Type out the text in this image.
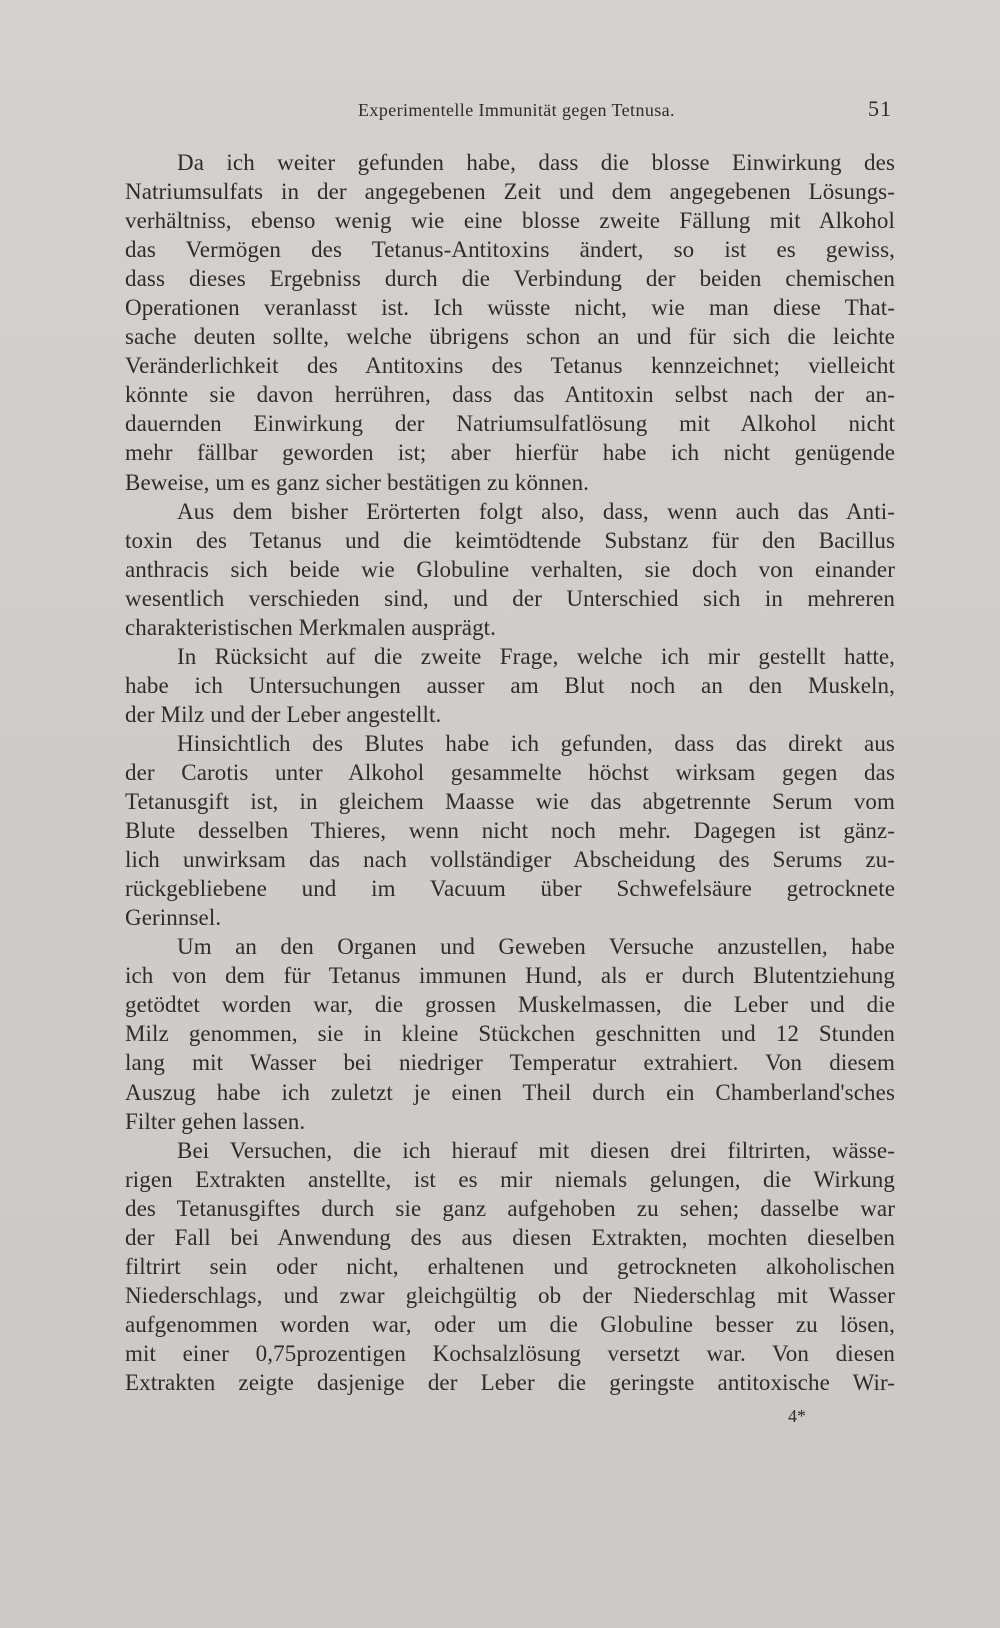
Experimentelle Immunität gegen Tetnusa.	51
Da ich weiter gefunden habe, dass die blosse Einwirkung des
Natriumsulfats in der angegebenen Zeit und dem angegebenen Lösungs-
verhältniss, ebenso wenig wie eine blosse zweite Fällung mit Alkohol
das Vermögen des Tetanus-Antitoxins ändert, so ist es gewiss,
dass dieses Ergebniss durch die Verbindung der beiden chemischen
Operationen veranlasst ist. Ich wüsste nicht, wie man diese That-
sache deuten sollte, welche übrigens schon an und für sich die leichte
Veränderlichkeit des Antitoxins des Tetanus kennzeichnet; vielleicht
könnte sie davon herrühren, dass das Antitoxin selbst nach der an-
dauernden Einwirkung der Natriumsulfatlösung mit Alkohol nicht
mehr fällbar geworden ist; aber hierfür habe ich nicht genügende
Beweise, um es ganz sicher bestätigen zu können.
Aus dem bisher Erörterten folgt also, dass, wenn auch das Anti-
toxin des Tetanus und die keimtödtende Substanz für den Bacillus
anthracis sich beide wie Globuline verhalten, sie doch von einander
wesentlich verschieden sind, und der Unterschied sich in mehreren
charakteristischen Merkmalen ausprägt.
In Rücksicht auf die zweite Frage, welche ich mir gestellt hatte,
habe ich Untersuchungen ausser am Blut noch an den Muskeln,
der Milz und der Leber angestellt.
Hinsichtlich des Blutes habe ich gefunden, dass das direkt aus
der Carotis unter Alkohol gesammelte höchst wirksam gegen das
Tetanusgift ist, in gleichem Maasse wie das abgetrennte Serum vom
Blute desselben Thieres, wenn nicht noch mehr. Dagegen ist gänz-
lich unwirksam das nach vollständiger Abscheidung des Serums zu-
rückgebliebene und im Vacuum über Schwefelsäure getrocknete
Gerinnsel.
Um an den Organen und Geweben Versuche anzustellen, habe
ich von dem für Tetanus immunen Hund, als er durch Blutentziehung
getödtet worden war, die grossen Muskelmassen, die Leber und die
Milz genommen, sie in kleine Stückchen geschnitten und 12 Stunden
lang mit Wasser bei niedriger Temperatur extrahiert. Von diesem
Auszug habe ich zuletzt je einen Theil durch ein Chamberland'sches
Filter gehen lassen.
Bei Versuchen, die ich hierauf mit diesen drei filtrirten, wässe-
rigen Extrakten anstellte, ist es mir niemals gelungen, die Wirkung
des Tetanusgiftes durch sie ganz aufgehoben zu sehen; dasselbe war
der Fall bei Anwendung des aus diesen Extrakten, mochten dieselben
filtrirt sein oder nicht, erhaltenen und getrockneten alkoholischen
Niederschlags, und zwar gleichgültig ob der Niederschlag mit Wasser
aufgenommen worden war, oder um die Globuline besser zu lösen,
mit einer 0,75prozentigen Kochsalzlösung versetzt war. Von diesen
Extrakten zeigte dasjenige der Leber die geringste antitoxische Wir-
4*
